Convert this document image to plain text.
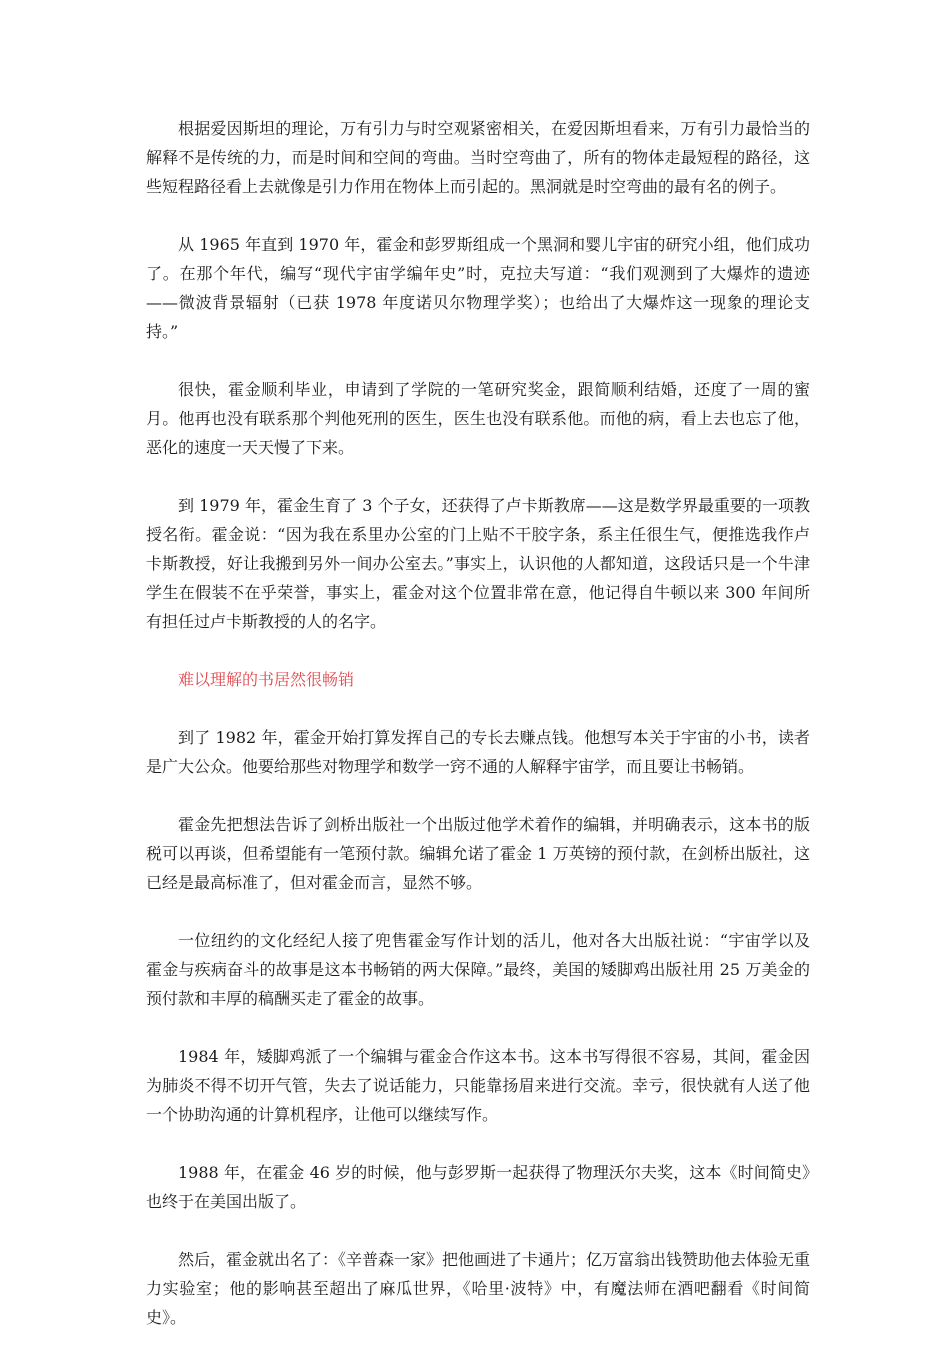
根据爱因斯坦的理论，万有引力与时空观紧密相关，在爱因斯坦看来，万有引力最恰当的解释不是传统的力，而是时间和空间的弯曲。当时空弯曲了，所有的物体走最短程的路径，这些短程路径看上去就像是引力作用在物体上而引起的。黑洞就是时空弯曲的最有名的例子。

从 1965 年直到 1970 年，霍金和彭罗斯组成一个黑洞和婴儿宇宙的研究小组，他们成功了。在那个年代，编写“现代宇宙学编年史”时，克拉夫写道：“我们观测到了大爆炸的遗迹——微波背景辐射（已获 1978 年度诺贝尔物理学奖）；也给出了大爆炸这一现象的理论支持。”

很快，霍金顺利毕业，申请到了学院的一笔研究奖金，跟简顺利结婚，还度了一周的蜜月。他再也没有联系那个判他死刑的医生，医生也没有联系他。而他的病，看上去也忘了他，恶化的速度一天天慢了下来。

到 1979 年，霍金生育了 3 个子女，还获得了卢卡斯教席——这是数学界最重要的一项教授名衔。霍金说：“因为我在系里办公室的门上贴不干胶字条，系主任很生气，便推选我作卢卡斯教授，好让我搬到另外一间办公室去。”事实上，认识他的人都知道，这段话只是一个牛津学生在假装不在乎荣誉，事实上，霍金对这个位置非常在意，他记得自牛顿以来 300 年间所有担任过卢卡斯教授的人的名字。

难以理解的书居然很畅销

到了 1982 年，霍金开始打算发挥自己的专长去赚点钱。他想写本关于宇宙的小书，读者是广大公众。他要给那些对物理学和数学一窍不通的人解释宇宙学，而且要让书畅销。

霍金先把想法告诉了剑桥出版社一个出版过他学术着作的编辑，并明确表示，这本书的版税可以再谈，但希望能有一笔预付款。编辑允诺了霍金 1 万英镑的预付款，在剑桥出版社，这已经是最高标准了，但对霍金而言，显然不够。

一位纽约的文化经纪人接了兜售霍金写作计划的活儿，他对各大出版社说：“宇宙学以及霍金与疾病奋斗的故事是这本书畅销的两大保障。”最终，美国的矮脚鸡出版社用 25 万美金的预付款和丰厚的稿酬买走了霍金的故事。

1984 年，矮脚鸡派了一个编辑与霍金合作这本书。这本书写得很不容易，其间，霍金因为肺炎不得不切开气管，失去了说话能力，只能靠扬眉来进行交流。幸亏，很快就有人送了他一个协助沟通的计算机程序，让他可以继续写作。

1988 年，在霍金 46 岁的时候，他与彭罗斯一起获得了物理沃尔夫奖，这本《时间简史》也终于在美国出版了。

然后，霍金就出名了：《辛普森一家》把他画进了卡通片；亿万富翁出钱赞助他去体验无重力实验室；他的影响甚至超出了麻瓜世界，《哈里·波特》中，有魔法师在酒吧翻看《时间简史》。
